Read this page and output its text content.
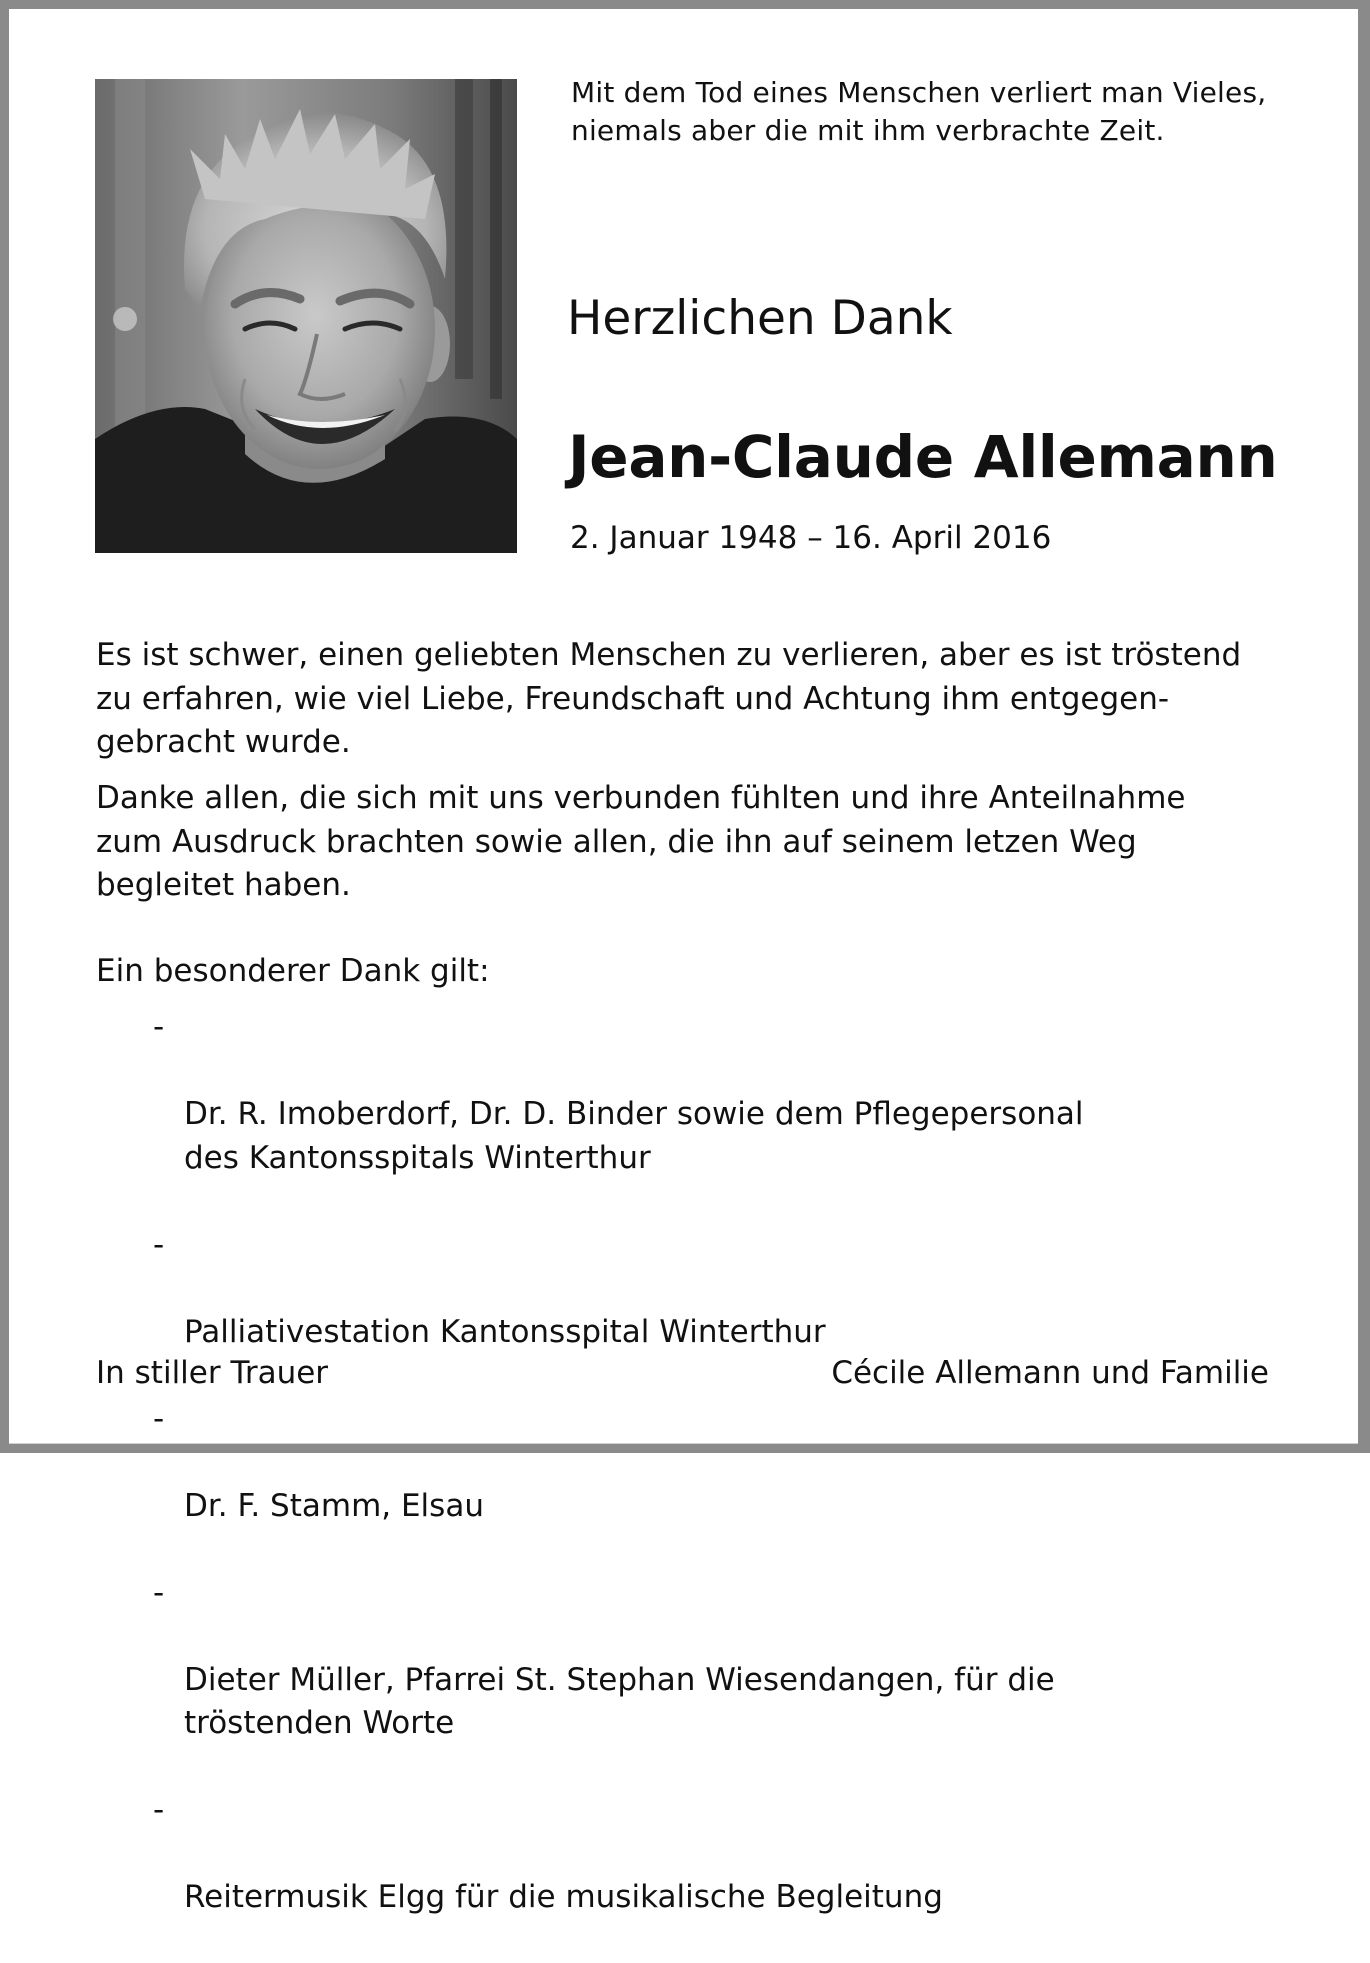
Mit dem Tod eines Menschen verliert man Vieles,
niemals aber die mit ihm verbrachte Zeit.
Herzlichen Dank
Jean-Claude Allemann
2. Januar 1948 – 16. April 2016

Es ist schwer, einen geliebten Menschen zu verlieren, aber es ist tröstend
zu erfahren, wie viel Liebe, Freundschaft und Achtung ihm entgegen-
gebracht wurde.

Danke allen, die sich mit uns verbunden fühlten und ihre Anteilnahme
zum Ausdruck brachten sowie allen, die ihn auf seinem letzen Weg
begleitet haben.

Ein besonderer Dank gilt:

-

Dr. R. Imoberdorf, Dr. D. Binder sowie dem Pflegepersonal
des Kantonsspitals Winterthur

-

Palliativestation Kantonsspital Winterthur

-

Dr. F. Stamm, Elsau

-

Dieter Müller, Pfarrei St. Stephan Wiesendangen, für die
tröstenden Worte

-

Reitermusik Elgg für die musikalische Begleitung

In stiller Trauer	Cécile Allemann und Familie
